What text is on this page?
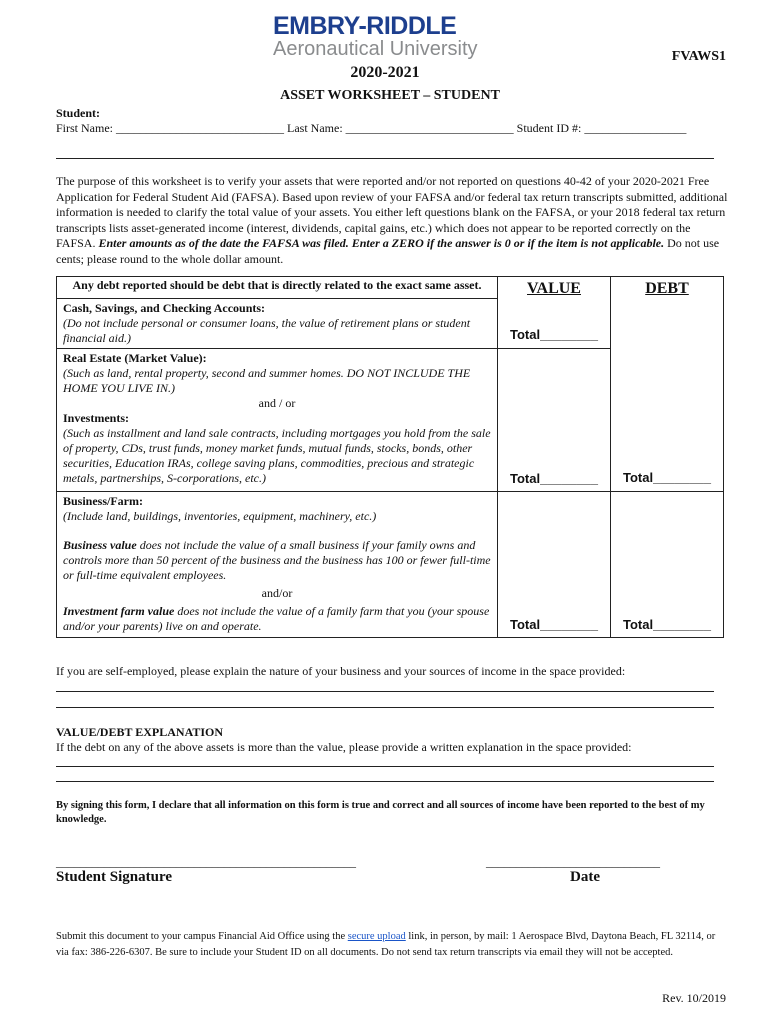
EMBRY-RIDDLE
Aeronautical University	FVAWS1
2020-2021
ASSET WORKSHEET – STUDENT
Student:
First Name: ____________________________ Last Name: ____________________________ Student ID #: _________________
The purpose of this worksheet is to verify your assets that were reported and/or not reported on questions 40-42 of your 2020-2021 Free Application for Federal Student Aid (FAFSA). Based upon review of your FAFSA and/or federal tax return transcripts submitted, additional information is needed to clarify the total value of your assets. You either left questions blank on the FAFSA, or your 2018 federal tax return transcripts lists asset-generated income (interest, dividends, capital gains, etc.) which does not appear to be reported correctly on the FAFSA. Enter amounts as of the date the FAFSA was filed. Enter a ZERO if the answer is 0 or if the item is not applicable. Do not use cents; please round to the whole dollar amount.
Any debt reported should be debt that is directly related to the exact same asset.	VALUE	DEBT

Cash, Savings, and Checking Accounts:
(Do not include personal or consumer loans, the value of retirement plans or student financial aid.)	Total________	

Real Estate (Market Value):
(Such as land, rental property, second and summer homes. DO NOT INCLUDE THE HOME YOU LIVE IN.)
and / or
Investments:
(Such as installment and land sale contracts, including mortgages you hold from the sale of property, CDs, trust funds, money market funds, mutual funds, stocks, bonds, other securities, Education IRAs, college saving plans, commodities, precious and strategic metals, partnerships, S-corporations, etc.)	Total________	Total________

Business/Farm:
(Include land, buildings, inventories, equipment, machinery, etc.)
Business value does not include the value of a small business if your family owns and controls more than 50 percent of the business and the business has 100 or fewer full-time or full-time equivalent employees.
and/or
Investment farm value does not include the value of a family farm that you (your spouse and/or your parents) live on and operate.	Total________	Total________
If you are self-employed, please explain the nature of your business and your sources of income in the space provided:
VALUE/DEBT EXPLANATION
If the debt on any of the above assets is more than the value, please provide a written explanation in the space provided:
By signing this form, I declare that all information on this form is true and correct and all sources of income have been reported to the best of my knowledge.
__________________________________________________	_____________________________
Student Signature	Date
Submit this document to your campus Financial Aid Office using the secure upload link, in person, by mail: 1 Aerospace Blvd, Daytona Beach, FL 32114, or via fax: 386-226-6307. Be sure to include your Student ID on all documents. Do not send tax return transcripts via email they will not be accepted.
Rev. 10/2019
